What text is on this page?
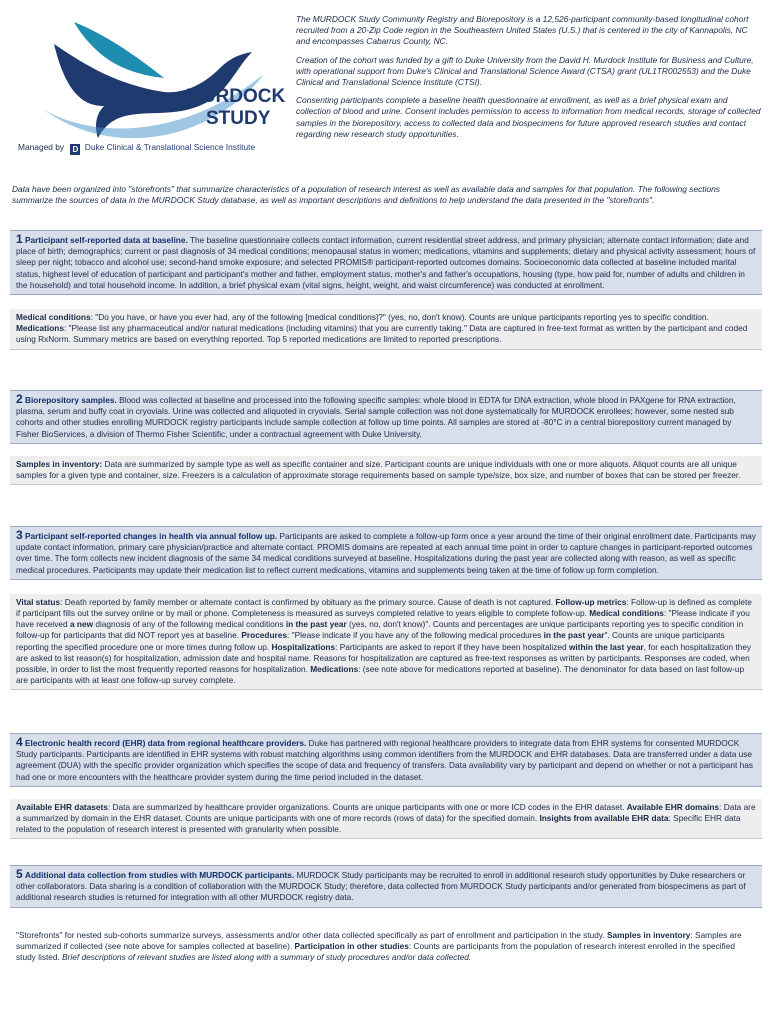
MURDOCK
STUDY
Managed by D Duke Clinical & Translational Science Institute

The MURDOCK Study Community Registry and Biorepository is a 12,526-participant community-based longitudinal cohort recruited from a 20-Zip Code region in the Southeastern United States (U.S.) that is centered in the city of Kannapolis, NC and encompasses Cabarrus County, NC.

Creation of the cohort was funded by a gift to Duke University from the David H. Murdock Institute for Business and Culture, with operational support from Duke's Clinical and Translational Science Award (CTSA) grant (UL1TR002553) and the Duke Clinical and Translational Science Institute (CTSI).

Consenting participants complete a baseline health questionnaire at enrollment, as well as a brief physical exam and collection of blood and urine. Consent includes permission to access to information from medical records, storage of collected samples in the biorepository, access to collected data and biospecimens for future approved research studies and contact regarding new research study opportunities.

Data have been organized into "storefronts" that summarize characteristics of a population of research interest as well as available data and samples for that population. The following sections summarize the sources of data in the MURDOCK Study database, as well as important descriptions and definitions to help understand the data presented in the "storefronts".
1 Participant self-reported data at baseline. The baseline questionnaire collects contact information, current residential street address, and primary physician; alternate contact information; date and place of birth; demographics; current or past diagnosis of 34 medical conditions; menopausal status in women; medications, vitamins and supplements; dietary and physical activity assessment; hours of sleep per night; tobacco and alcohol use; second-hand smoke exposure; and selected PROMIS® participant-reported outcomes domains. Socioeconomic data collected at baseline included marital status, highest level of education of participant and participant's mother and father, employment status, mother's and father's occupations, housing (type, how paid for, number of adults and children in the household) and total household income. In addition, a brief physical exam (vital signs, height, weight, and waist circumference) was conducted at enrollment.
Medical conditions: "Do you have, or have you ever had, any of the following [medical conditions]?" (yes, no, don't know). Counts are unique participants reporting yes to specific condition. Medications: "Please list any pharmaceutical and/or natural medications (including vitamins) that you are currently taking." Data are captured in free-text format as written by the participant and coded using RxNorm. Summary metrics are based on everything reported. Top 5 reported medications are limited to reported prescriptions.
2 Biorepository samples. Blood was collected at baseline and processed into the following specific samples: whole blood in EDTA for DNA extraction, whole blood in PAXgene for RNA extraction, plasma, serum and buffy coat in cryovials. Urine was collected and aliquoted in cryovials. Serial sample collection was not done systematically for MURDOCK enrollees; however, some nested sub cohorts and other studies enrolling MURDOCK registry participants include sample collection at follow up time points. All samples are stored at -80°C in a central biorepository current managed by Fisher BioServices, a division of Thermo Fisher Scientific, under a contractual agreement with Duke University.
Samples in inventory: Data are summarized by sample type as well as specific container and size. Participant counts are unique individuals with one or more aliquots. Aliquot counts are all unique samples for a given type and container, size. Freezers is a calculation of approximate storage requirements based on sample type/size, box size, and number of boxes that can be stored per freezer.
3 Participant self-reported changes in health via annual follow up. Participants are asked to complete a follow-up form once a year around the time of their original enrollment date. Participants may update contact information, primary care physician/practice and alternate contact. PROMIS domains are repeated at each annual time point in order to capture changes in participant-reported outcomes over time. The form collects new incident diagnosis of the same 34 medical conditions surveyed at baseline. Hospitalizations during the past year are collected along with reason, as well as specific medical procedures. Participants may update their medication list to reflect current medications, vitamins and supplements being taken at the time of follow up form completion.
Vital status: Death reported by family member or alternate contact is confirmed by obituary as the primary source. Cause of death is not captured. Follow-up metrics: Follow-up is defined as complete if participant fills out the survey online or by mail or phone. Completeness is measured as surveys completed relative to years eligible to complete follow-up. Medical conditions: "Please indicate if you have received a new diagnosis of any of the following medical conditions in the past year (yes, no, don't know)". Counts and percentages are unique participants reporting yes to specific condition in follow-up for participants that did NOT report yes at baseline. Procedures: "Please indicate if you have any of the following medical procedures in the past year". Counts are unique participants reporting the specified procedure one or more times during follow up. Hospitalizations: Participants are asked to report if they have been hospitalized within the last year, for each hospitalization they are asked to list reason(s) for hospitalization, admission date and hospital name. Reasons for hospitalization are captured as free-text responses as written by participants. Responses are coded, when possible, in order to list the most frequently reported reasons for hospitalization. Medications: (see note above for medications reported at baseline). The denominator for data based on last follow-up are participants with at least one follow-up survey complete.
4 Electronic health record (EHR) data from regional healthcare providers. Duke has partnered with regional healthcare providers to integrate data from EHR systems for consented MURDOCK Study participants. Participants are identified in EHR systems with robust matching algorithms using common identifiers from the MURDOCK and EHR databases. Data are transferred under a data use agreement (DUA) with the specific provider organization which specifies the scope of data and frequency of transfers. Data availability vary by participant and depend on whether or not a participant has had one or more encounters with the healthcare provider system during the time period included in the dataset.
Available EHR datasets: Data are summarized by healthcare provider organizations. Counts are unique participants with one or more ICD codes in the EHR dataset. Available EHR domains: Data are a summarized by domain in the EHR dataset. Counts are unique participants with one of more records (rows of data) for the specified domain. Insights from available EHR data: Specific EHR data related to the population of research interest is presented with granularity when possible.
5 Additional data collection from studies with MURDOCK participants. MURDOCK Study participants may be recruited to enroll in additional research study opportunities by Duke researchers or other collaborators. Data sharing is a condition of collaboration with the MURDOCK Study; therefore, data collected from MURDOCK Study participants and/or generated from biospecimens as part of additional research studies is returned for integration with all other MURDOCK registry data.
"Storefronts" for nested sub-cohorts summarize surveys, assessments and/or other data collected specifically as part of enrollment and participation in the study. Samples in inventory: Samples are summarized if collected (see note above for samples collected at baseline). Participation in other studies: Counts are participants from the population of research interest enrolled in the specified study listed. Brief descriptions of relevant studies are listed along with a summary of study procedures and/or data collected.
